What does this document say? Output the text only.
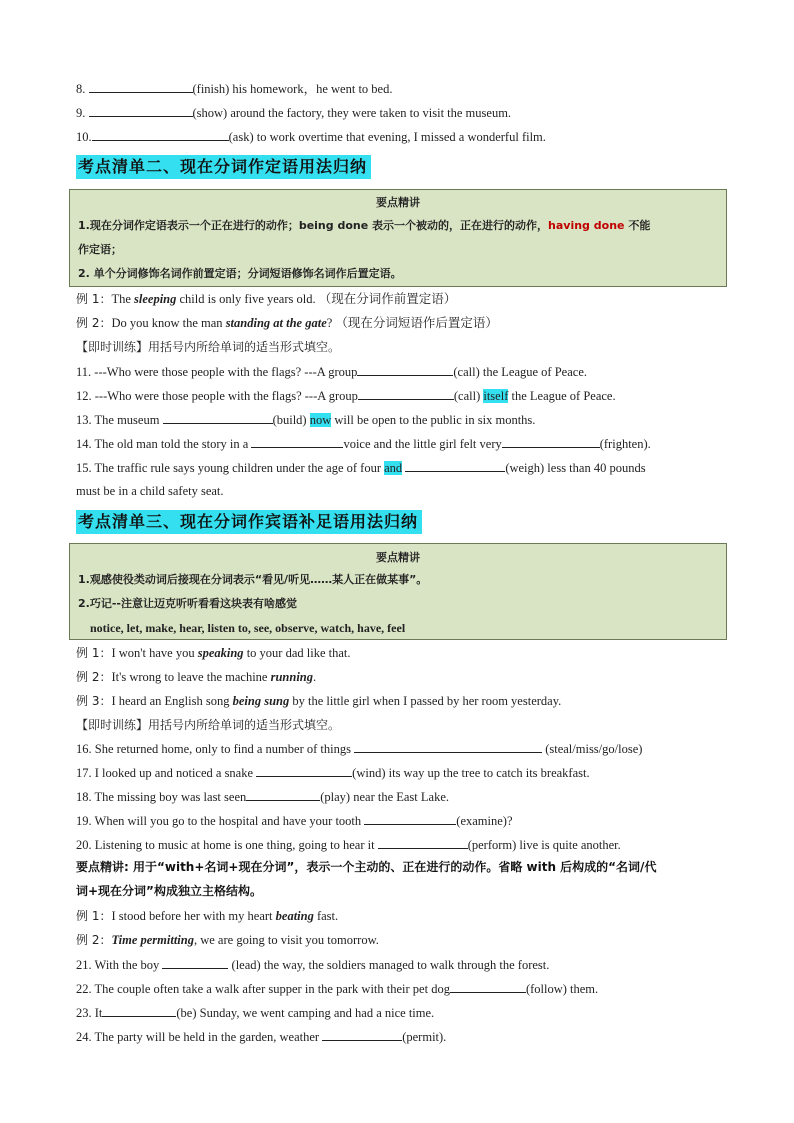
8.	(finish) his homework，he went to bed.
9.	(show) around the factory, they were taken to visit the museum.
10.	(ask) to work overtime that evening, I missed a wonderful film.
考点清单二、现在分词作定语用法归纳
要点精讲
1.现在分词作定语表示一个正在进行的动作；being done 表示一个被动的，正在进行的动作，having done 不能
作定语；
2. 单个分词修饰名词作前置定语；分词短语修饰名词作后置定语。
例 1：The sleeping child is only five years old. （现在分词作前置定语）
例 2：Do you know the man standing at the gate? （现在分词短语作后置定语）
【即时训练】用括号内所给单词的适当形式填空。
11. ---Who were those people with the flags? ---A group	(call) the League of Peace.
12. ---Who were those people with the flags? ---A group	(call) itself the League of Peace.
13. The museum	(build) now will be open to the public in six months.
14. The old man told the story in a	voice and the little girl felt very	(frighten).
15. The traffic rule says young children under the age of four and	(weigh) less than 40 pounds
must be in a child safety seat.
考点清单三、现在分词作宾语补足语用法归纳
要点精讲
1.观感使役类动词后接现在分词表示“看见/听见……某人正在做某事”。
2.巧记--注意让迈克听听看看这块表有啥感觉
notice, let, make, hear, listen to, see, observe, watch, have, feel
例 1：I won't have you speaking to your dad like that.
例 2：It's wrong to leave the machine running.
例 3：I heard an English song being sung by the little girl when I passed by her room yesterday.
【即时训练】用括号内所给单词的适当形式填空。
16. She returned home, only to find a number of things	(steal/miss/go/lose)
17. I looked up and noticed a snake	(wind) its way up the tree to catch its breakfast.
18. The missing boy was last seen	(play) near the East Lake.
19. When will you go to the hospital and have your tooth	(examine)?
20. Listening to music at home is one thing, going to hear it	(perform) live is quite another.
要点精讲: 用于“with+名词+现在分词”，表示一个主动的、正在进行的动作。省略 with 后构成的“名词/代
词+现在分词”构成独立主格结构。
例 1：I stood before her with my heart beating fast.
例 2：Time permitting, we are going to visit you tomorrow.
21. With the boy	(lead) the way, the soldiers managed to walk through the forest.
22. The couple often take a walk after supper in the park with their pet dog	(follow) them.
23. It	(be) Sunday, we went camping and had a nice time.
24. The party will be held in the garden, weather	(permit).
